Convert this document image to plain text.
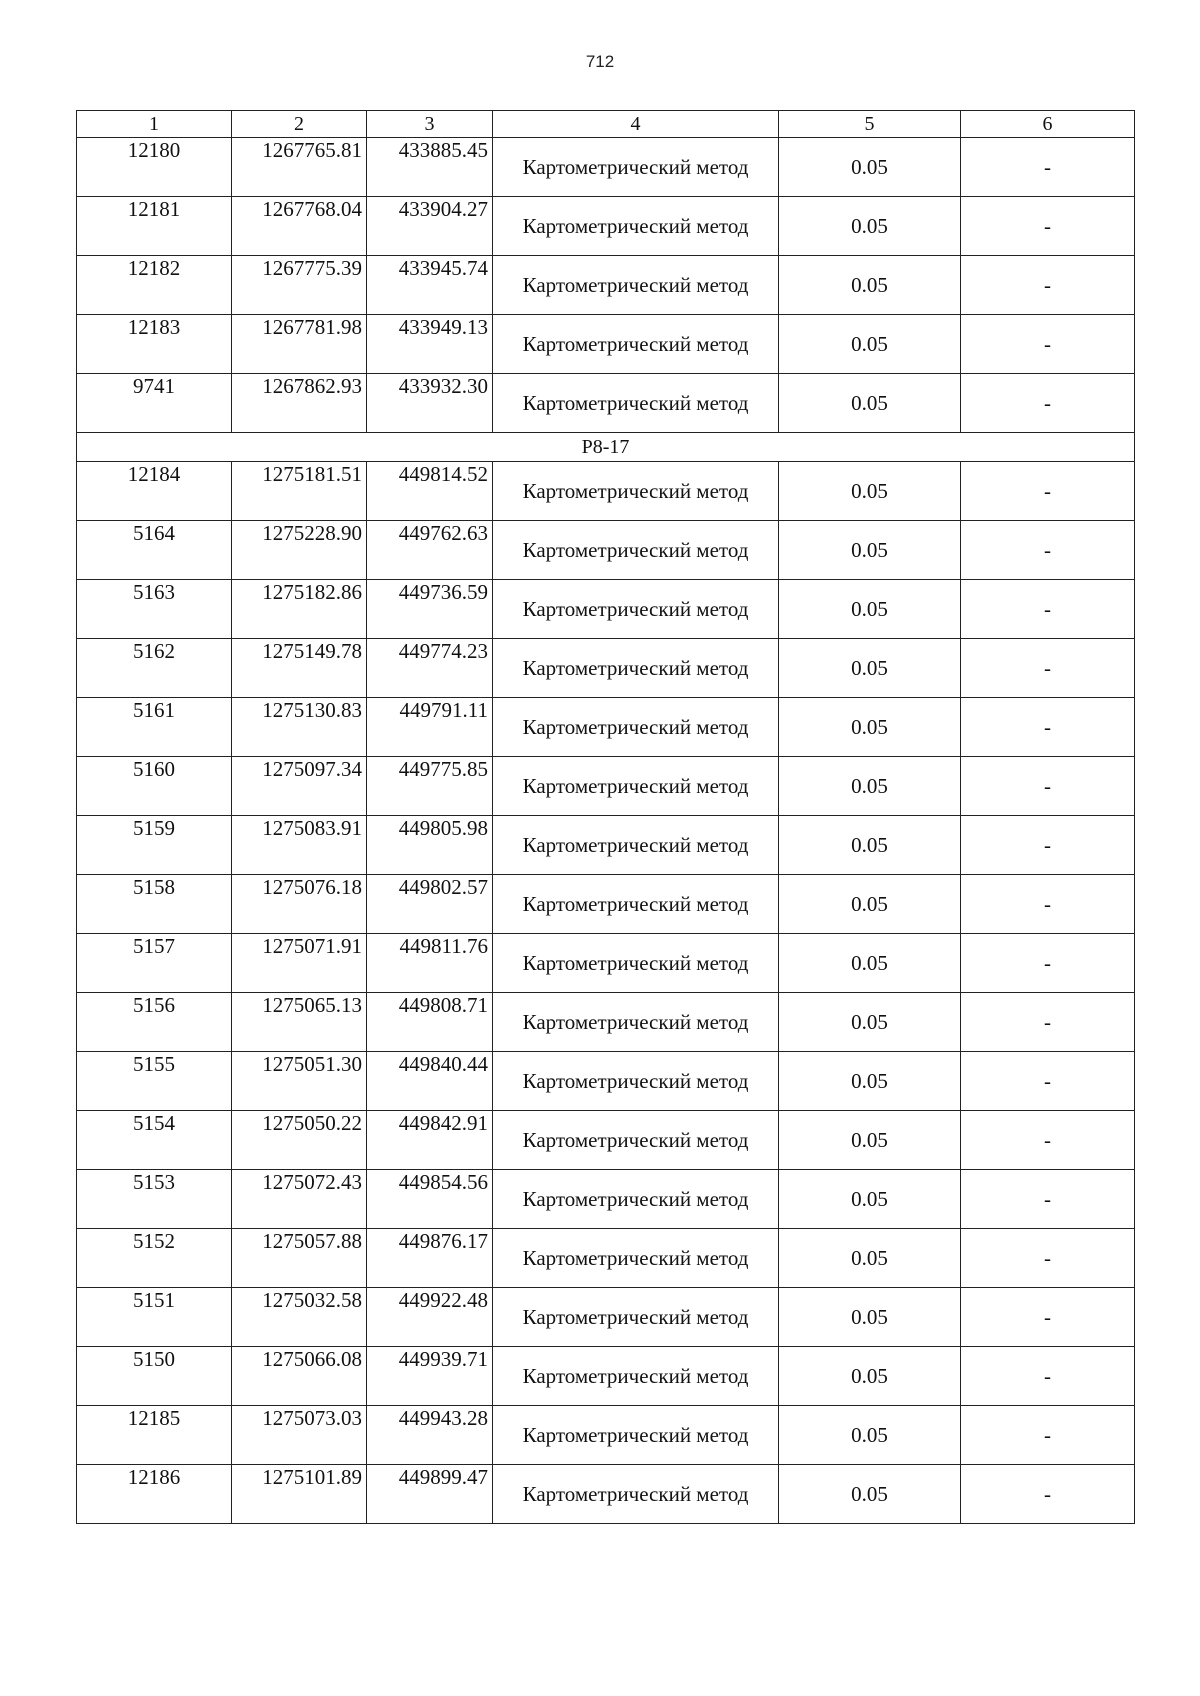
712
1	2	3	4	5	6
12180	1267765.81	433885.45	Картометрический метод	0.05	-
12181	1267768.04	433904.27	Картометрический метод	0.05	-
12182	1267775.39	433945.74	Картометрический метод	0.05	-
12183	1267781.98	433949.13	Картометрический метод	0.05	-
9741	1267862.93	433932.30	Картометрический метод	0.05	-
Р8-17					
12184	1275181.51	449814.52	Картометрический метод	0.05	-
5164	1275228.90	449762.63	Картометрический метод	0.05	-
5163	1275182.86	449736.59	Картометрический метод	0.05	-
5162	1275149.78	449774.23	Картометрический метод	0.05	-
5161	1275130.83	449791.11	Картометрический метод	0.05	-
5160	1275097.34	449775.85	Картометрический метод	0.05	-
5159	1275083.91	449805.98	Картометрический метод	0.05	-
5158	1275076.18	449802.57	Картометрический метод	0.05	-
5157	1275071.91	449811.76	Картометрический метод	0.05	-
5156	1275065.13	449808.71	Картометрический метод	0.05	-
5155	1275051.30	449840.44	Картометрический метод	0.05	-
5154	1275050.22	449842.91	Картометрический метод	0.05	-
5153	1275072.43	449854.56	Картометрический метод	0.05	-
5152	1275057.88	449876.17	Картометрический метод	0.05	-
5151	1275032.58	449922.48	Картометрический метод	0.05	-
5150	1275066.08	449939.71	Картометрический метод	0.05	-
12185	1275073.03	449943.28	Картометрический метод	0.05	-
12186	1275101.89	449899.47	Картометрический метод	0.05	-
